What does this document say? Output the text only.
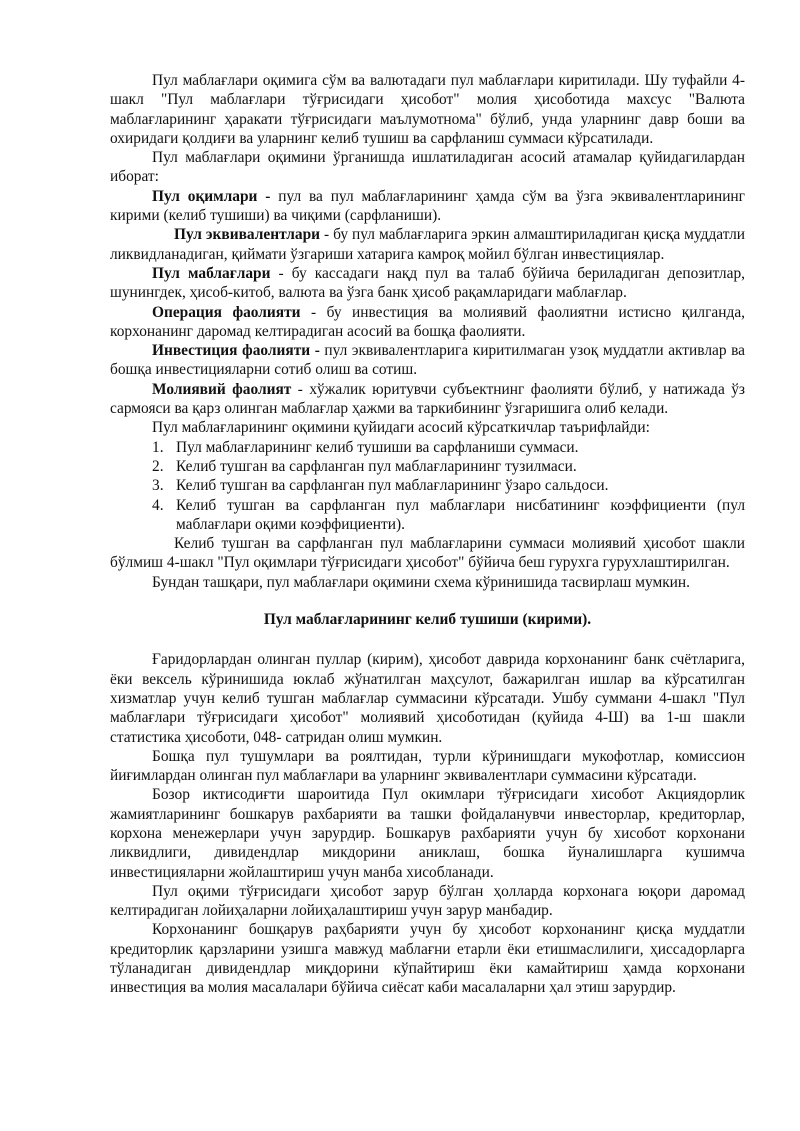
Пул маблағлари оқимига сўм ва валютадаги пул маблағлари киритилади. Шу туфайли 4-шакл "Пул маблағлари тўғрисидаги ҳисобот" молия ҳисоботида махсус "Валюта маблағларининг ҳаракати тўғрисидаги маълумотнома" бўлиб, унда уларнинг давр боши ва охиридаги қолдиғи ва уларнинг келиб тушиш ва сарфланиш суммаси кўрсатилади.

Пул маблағлари оқимини ўрганишда ишлатиладиган асосий атамалар қуйидагилардан иборат:

Пул оқимлари - пул ва пул маблағларининг ҳамда сўм ва ўзга эквивалентларининг кирими (келиб тушиши) ва чиқими (сарфланиши).

Пул эквивалентлари - бу пул маблағларига эркин алмаштириладиган қисқа муддатли ликвидланадиган, қиймати ўзгариши хатарига камроқ мойил бўлган инвестициялар.

Пул маблағлари - бу кассадаги нақд пул ва талаб бўйича бериладиган депозитлар, шунингдек, ҳисоб-китоб, валюта ва ўзга банк ҳисоб рақамларидаги маблағлар.

Операция фаолияти - бу инвестиция ва молиявий фаолиятни истисно қилганда, корхонанинг даромад келтирадиган асосий ва бошқа фаолияти.

Инвестиция фаолияти - пул эквивалентларига киритилмаган узоқ муддатли активлар ва бошқа инвестицияларни сотиб олиш ва сотиш.

Молиявий фаолият - хўжалик юритувчи субъектнинг фаолияти бўлиб, у натижада ўз сармояси ва қарз олинган маблағлар ҳажми ва таркибининг ўзгаришига олиб келади.

Пул маблағларининг оқимини қуйидаги асосий кўрсаткичлар таърифлайди:

1. Пул маблағларининг келиб тушиши ва сарфланиши суммаси.
2. Келиб тушган ва сарфланган пул маблағларининг тузилмаси.
3. Келиб тушган ва сарфланган пул маблағларининг ўзаро сальдоси.
4. Келиб тушган ва сарфланган пул маблағлари нисбатининг коэффициенти (пул маблағлари оқими коэффициенти).

Келиб тушган ва сарфланган пул маблағларини суммаси молиявий ҳисобот шакли бўлмиш 4-шакл "Пул оқимлари тўғрисидаги ҳисобот" бўйича беш гурухга гурухлаштирилган.

Бундан ташқари, пул маблағлари оқимини схема кўринишида тасвирлаш мумкин.

Пул маблағларининг келиб тушиши (кирими).

Ғаридорлардан олинган пуллар (кирим), ҳисобот даврида корхонанинг банк счётларига, ёки вексель кўринишида юклаб жўнатилган маҳсулот, бажарилган ишлар ва кўрсатилган хизматлар учун келиб тушган маблағлар суммасини кўрсатади. Ушбу суммани 4-шакл "Пул маблағлари тўғрисидаги ҳисобот" молиявий ҳисоботидан (қуйида 4-Ш) ва 1-ш шакли статистика ҳисоботи, 048- сатридан олиш мумкин.

Бошқа пул тушумлари ва роялтидан, турли кўринишдаги мукофотлар, комиссион йиғимлардан олинган пул маблағлари ва уларнинг эквивалентлари суммасини кўрсатади.

Бозор иктисодиғти шароитида Пул окимлари тўғрисидаги хисобот Акциядорлик жамиятларининг бошкарув рахбарияти ва ташки фойдаланувчи инвесторлар, кредиторлар, корхона менежерлари учун зарурдир. Бошкарув рахбарияти учун бу хисобот корхонани ликвидлиги, дивидендлар микдорини аниклаш, бошка йуналишларга кушимча инвестицияларни жойлаштириш учун манба хисобланади.

Пул оқими тўғрисидаги ҳисобот зарур бўлган ҳолларда корхонага юқори даромад келтирадиган лойиҳаларни лойиҳалаштириш учун зарур манбадир.

Корхонанинг бошқарув раҳбарияти учун бу ҳисобот корхонанинг қисқа муддатли кредиторлик қарзларини узишга мавжуд маблағни етарли ёки етишмаслилиги, ҳиссадорларга тўланадиган дивидендлар миқдорини кўпайтириш ёки камайтириш ҳамда корхонани инвестиция ва молия масалалари бўйича сиёсат каби масалаларни ҳал этиш зарурдир.
